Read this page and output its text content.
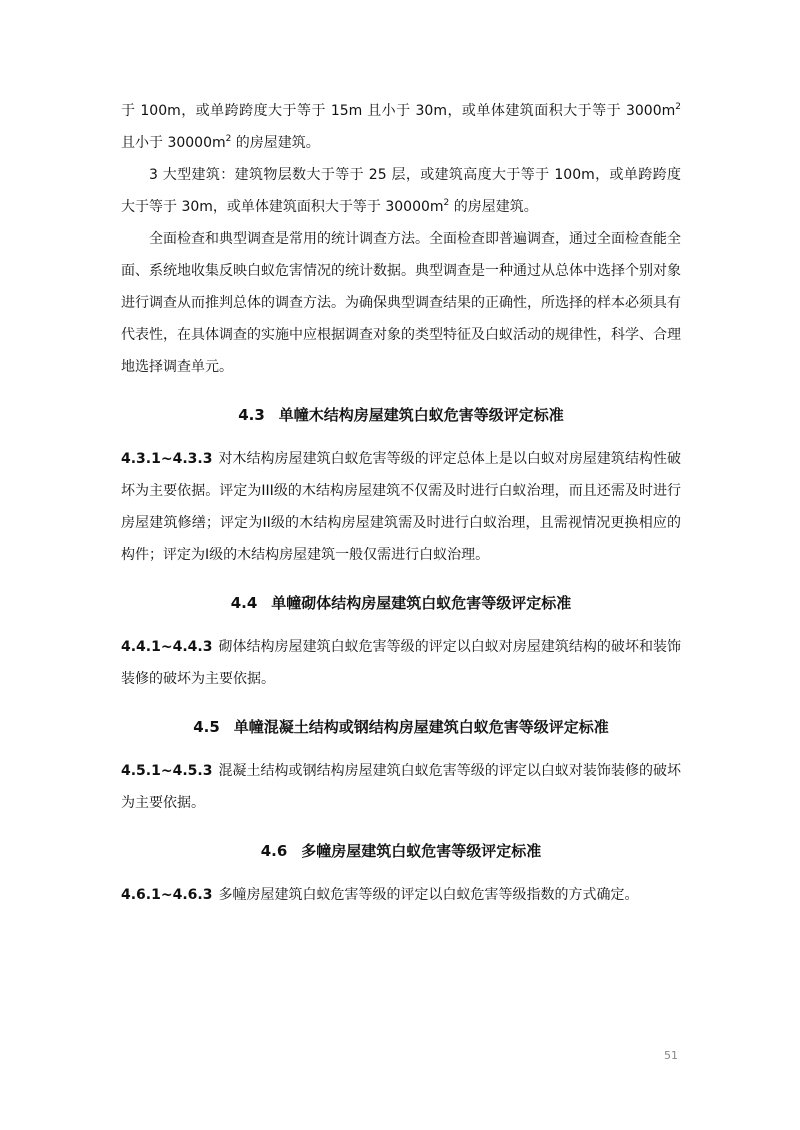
于 100m，或单跨跨度大于等于 15m 且小于 30m，或单体建筑面积大于等于 $3000m^2$ 且小于 $30000m^2$ 的房屋建筑。

3 大型建筑：建筑物层数大于等于 25 层，或建筑高度大于等于 100m，或单跨跨度大于等于 30m，或单体建筑面积大于等于 $30000m^2$ 的房屋建筑。

全面检查和典型调查是常用的统计调查方法。全面检查即普遍调查，通过全面检查能全面、系统地收集反映白蚁危害情况的统计数据。典型调查是一种通过从总体中选择个别对象进行调查从而推判总体的调查方法。为确保典型调查结果的正确性，所选择的样本必须具有代表性，在具体调查的实施中应根据调查对象的类型特征及白蚁活动的规律性，科学、合理地选择调查单元。

4.3 单幢木结构房屋建筑白蚁危害等级评定标准

4.3.1~4.3.3 对木结构房屋建筑白蚁危害等级的评定总体上是以白蚁对房屋建筑结构性破坏为主要依据。评定为III级的木结构房屋建筑不仅需及时进行白蚁治理，而且还需及时进行房屋建筑修缮；评定为II级的木结构房屋建筑需及时进行白蚁治理，且需视情况更换相应的构件；评定为I级的木结构房屋建筑一般仅需进行白蚁治理。

4.4 单幢砌体结构房屋建筑白蚁危害等级评定标准

4.4.1~4.4.3 砌体结构房屋建筑白蚁危害等级的评定以白蚁对房屋建筑结构的破坏和装饰装修的破坏为主要依据。

4.5 单幢混凝土结构或钢结构房屋建筑白蚁危害等级评定标准

4.5.1~4.5.3 混凝土结构或钢结构房屋建筑白蚁危害等级的评定以白蚁对装饰装修的破坏为主要依据。

4.6 多幢房屋建筑白蚁危害等级评定标准

4.6.1~4.6.3 多幢房屋建筑白蚁危害等级的评定以白蚁危害等级指数的方式确定。

51
